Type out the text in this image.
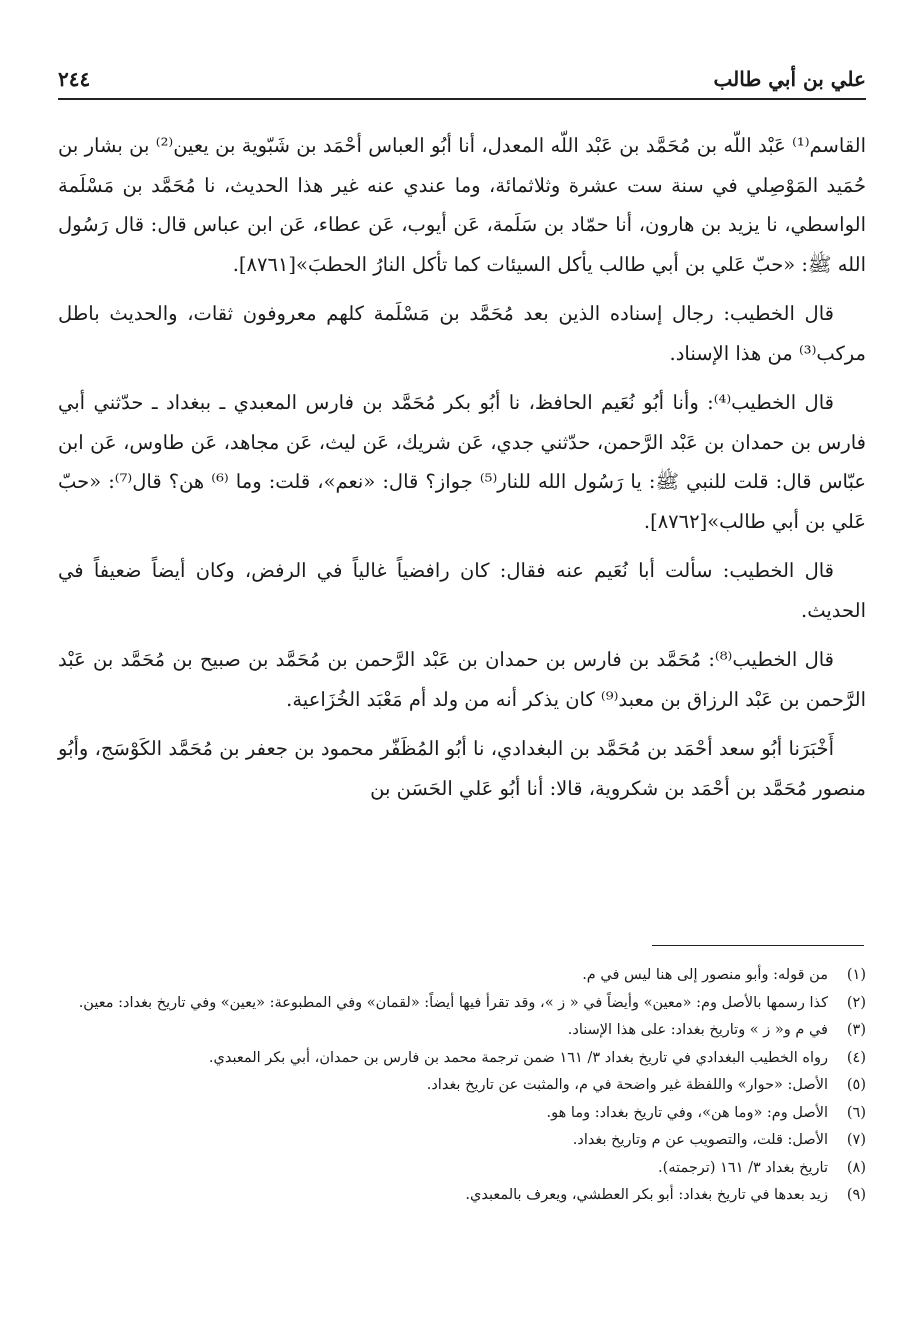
علي بن أبي طالب
٢٤٤

القاسم⁽¹⁾ عَبْد اللّه بن مُحَمَّد بن عَبْد اللّه المعدل، أنا أبُو العباس أحْمَد بن شَبّوية بن يعين⁽²⁾ بن بشار بن حُمَيد المَوْصِلي في سنة ست عشرة وثلاثمائة، وما عندي عنه غير هذا الحديث، نا مُحَمَّد بن مَسْلَمة الواسطي، نا يزيد بن هارون، أنا حمّاد بن سَلَمة، عَن أيوب، عَن عطاء، عَن ابن عباس قال: قال رَسُول الله ﷺ: «حبّ عَلي بن أبي طالب يأكل السيئات كما تأكل النارُ الحطبَ»[٨٧٦١].

قال الخطيب: رجال إسناده الذين بعد مُحَمَّد بن مَسْلَمة كلهم معروفون ثقات، والحديث باطل مركب⁽³⁾ من هذا الإسناد.

قال الخطيب⁽⁴⁾: وأنا أبُو نُعَيم الحافظ، نا أبُو بكر مُحَمَّد بن فارس المعبدي ـ ببغداد ـ حدّثني أبي فارس بن حمدان بن عَبْد الرَّحمن، حدّثني جدي، عَن شريك، عَن ليث، عَن مجاهد، عَن طاوس، عَن ابن عبّاس قال: قلت للنبي ﷺ: يا رَسُول الله للنار⁽⁵⁾ جواز؟ قال: «نعم»، قلت: وما ⁽⁶⁾ هن؟ قال⁽⁷⁾: «حبّ عَلي بن أبي طالب»[٨٧٦٢].

قال الخطيب: سألت أبا نُعَيم عنه فقال: كان رافضياً غالياً في الرفض، وكان أيضاً ضعيفاً في الحديث.

قال الخطيب⁽⁸⁾: مُحَمَّد بن فارس بن حمدان بن عَبْد الرَّحمن بن مُحَمَّد بن صبيح بن مُحَمَّد بن عَبْد الرَّحمن بن عَبْد الرزاق بن معبد⁽⁹⁾ كان يذكر أنه من ولد أم مَعْبَد الخُزَاعية.

أَخْبَرَنا أبُو سعد أحْمَد بن مُحَمَّد بن البغدادي، نا أبُو المُظَفّر محمود بن جعفر بن مُحَمَّد الكَوْسَج، وأبُو منصور مُحَمَّد بن أحْمَد بن شكروية، قالا: أنا أبُو عَلي الحَسَن بن

(١)
من قوله: وأبو منصور إلى هنا ليس في م.
(٢)
كذا رسمها بالأصل وم: «معين» وأيضاً في « ز »، وقد تقرأ فيها أيضاً: «لقمان» وفي المطبوعة: «يعين» وفي تاريخ بغداد: معين.
(٣)
في م و« ز » وتاريخ بغداد: على هذا الإسناد.
(٤)
رواه الخطيب البغدادي في تاريخ بغداد ٣/ ١٦١ ضمن ترجمة محمد بن فارس بن حمدان، أبي بكر المعبدي.
(٥)
الأصل: «حوار» واللفظة غير واضحة في م، والمثبت عن تاريخ بغداد.
(٦)
الأصل وم: «وما هن»، وفي تاريخ بغداد: وما هو.
(٧)
الأصل: قلت، والتصويب عن م وتاريخ بغداد.
(٨)
تاريخ بغداد ٣/ ١٦١ (ترجمته).
(٩)
زيد بعدها في تاريخ بغداد: أبو بكر العطشي، ويعرف بالمعبدي.
